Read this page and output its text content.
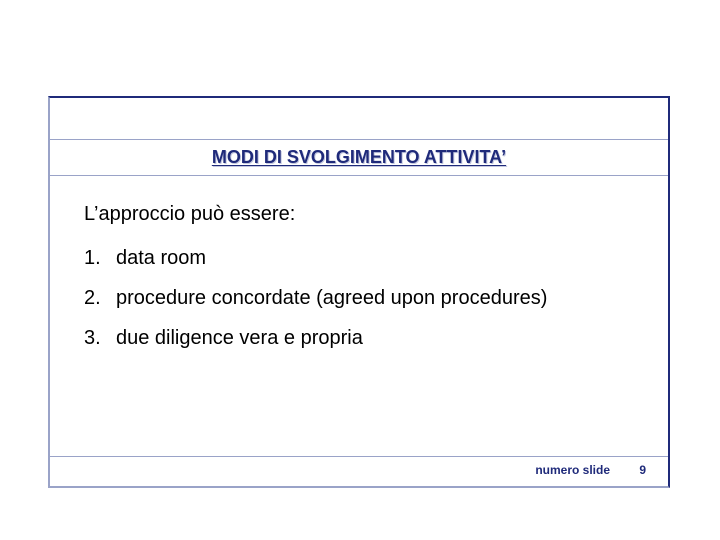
MODI DI SVOLGIMENTO ATTIVITA’

L’approccio può essere:

1. data room
2. procedure concordate (agreed upon procedures)
3. due diligence vera e propria
numero slide 9
